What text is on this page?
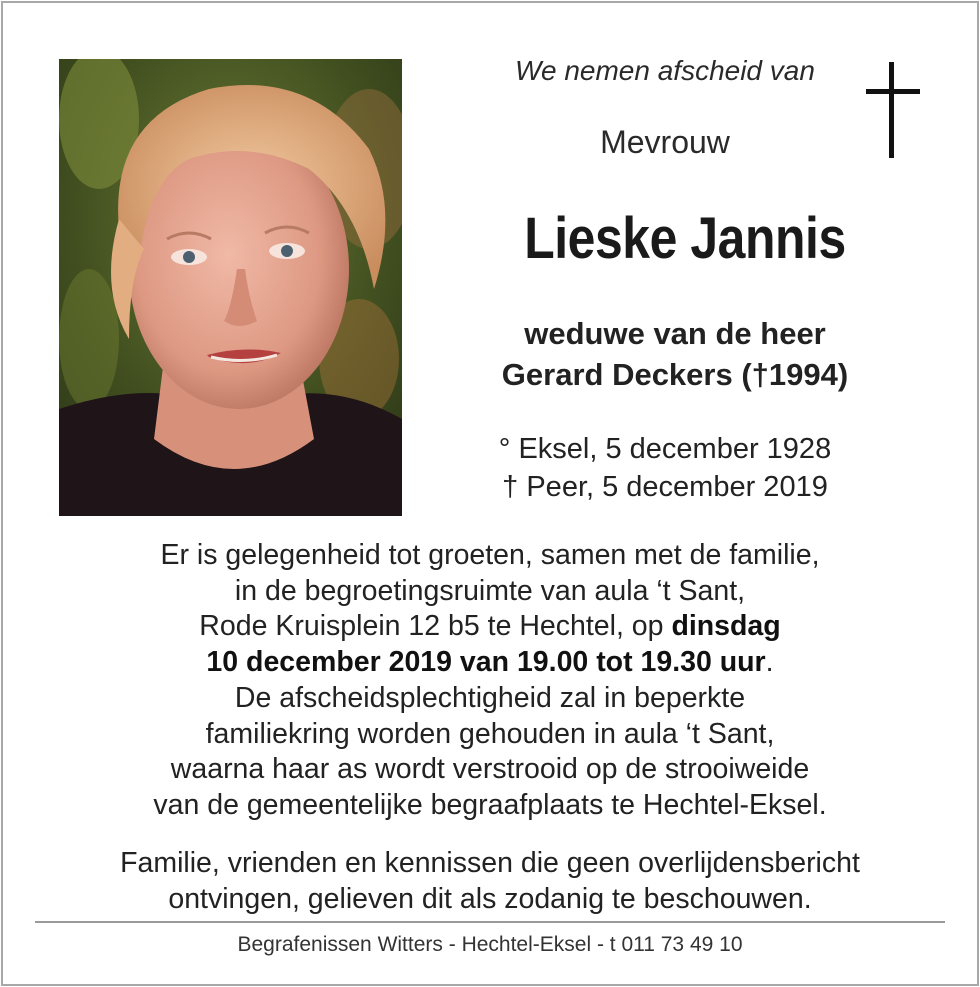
We nemen afscheid van
Mevrouw
Lieske Jannis
weduwe van de heer
Gerard Deckers (†1994)
° Eksel, 5 december 1928
† Peer, 5 december 2019
Er is gelegenheid tot groeten, samen met de familie,
in de begroetingsruimte van aula ‘t Sant,
Rode Kruisplein 12 b5 te Hechtel, op dinsdag
10 december 2019 van 19.00 tot 19.30 uur.
De afscheidsplechtigheid zal in beperkte
familiekring worden gehouden in aula ‘t Sant,
waarna haar as wordt verstrooid op de strooiweide
van de gemeentelijke begraafplaats te Hechtel-Eksel.
Familie, vrienden en kennissen die geen overlijdensbericht
ontvingen, gelieven dit als zodanig te beschouwen.
Begrafenissen Witters - Hechtel-Eksel - t 011 73 49 10
